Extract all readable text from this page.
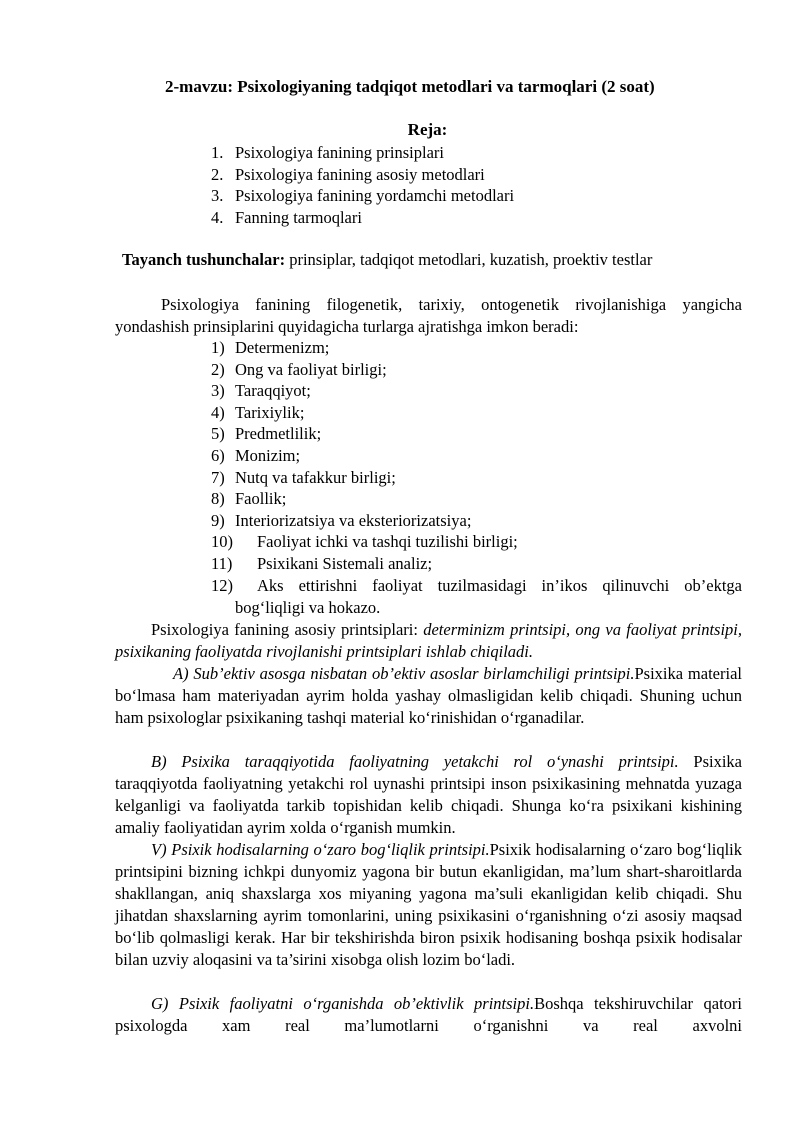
2-mavzu: Psixologiyaning tadqiqot metodlari va tarmoqlari (2 soat)
Reja:
1. Psixologiya fanining prinsiplari
2. Psixologiya fanining asosiy metodlari
3. Psixologiya fanining yordamchi metodlari
4. Fanning tarmoqlari
Tayanch tushunchalar: prinsiplar, tadqiqot metodlari, kuzatish, proektiv testlar

Psixologiya fanining filogenetik, tarixiy, ontogenetik rivojlanishiga yangicha yondashish prinsiplarini quyidagicha turlarga ajratishga imkon beradi:

1) Determenizm;
2) Ong va faoliyat birligi;
3) Taraqqiyot;
4) Tarixiylik;
5) Predmetlilik;
6) Monizim;
7) Nutq va tafakkur birligi;
8) Faollik;
9) Interiorizatsiya va eksteriorizatsiya;
10) Faoliyat ichki va tashqi tuzilishi birligi;
11) Psixikani Sistemali analiz;
12)	Aks ettirishni faoliyat tuzilmasidagi in’ikos qilinuvchi ob’ektga
bog‘liqligi va hokazo.

Psixologiya fanining asosiy printsiplari: determinizm printsipi, ong va faoliyat printsipi, psixikaning faoliyatda rivojlanishi printsiplari ishlab chiqiladi.

A) Sub’ektiv asosga nisbatan ob’ektiv asoslar birlamchiligi printsipi.Psixika material bo‘lmasa ham materiyadan ayrim holda yashay olmasligidan kelib chiqadi. Shuning uchun ham psixologlar psixikaning tashqi material ko‘rinishidan o‘rganadilar.

B) Psixika taraqqiyotida faoliyatning yetakchi rol o‘ynashi printsipi. Psixika taraqqiyotda faoliyatning yetakchi rol uynashi printsipi inson psixikasining mehnatda yuzaga kelganligi va faoliyatda tarkib topishidan kelib chiqadi. Shunga ko‘ra psixikani kishining amaliy faoliyatidan ayrim xolda o‘rganish mumkin.

V) Psixik hodisalarning o‘zaro bog‘liqlik printsipi.Psixik hodisalarning o‘zaro bog‘liqlik printsipini bizning ichkpi dunyomiz yagona bir butun ekanligidan, ma’lum shart-sharoitlarda shakllangan, aniq shaxslarga xos miyaning yagona ma’suli ekanligidan kelib chiqadi. Shu jihatdan shaxslarning ayrim tomonlarini, uning psixikasini o‘rganishning o‘zi asosiy maqsad bo‘lib qolmasligi kerak. Har bir tekshirishda biron psixik hodisaning boshqa psixik hodisalar bilan uzviy aloqasini va ta’sirini xisobga olish lozim bo‘ladi.

G) Psixik faoliyatni o‘rganishda ob’ektivlik printsipi.Boshqa tekshiruvchilar qatori psixologda xam real ma’lumotlarni o‘rganishni va real axvolni
